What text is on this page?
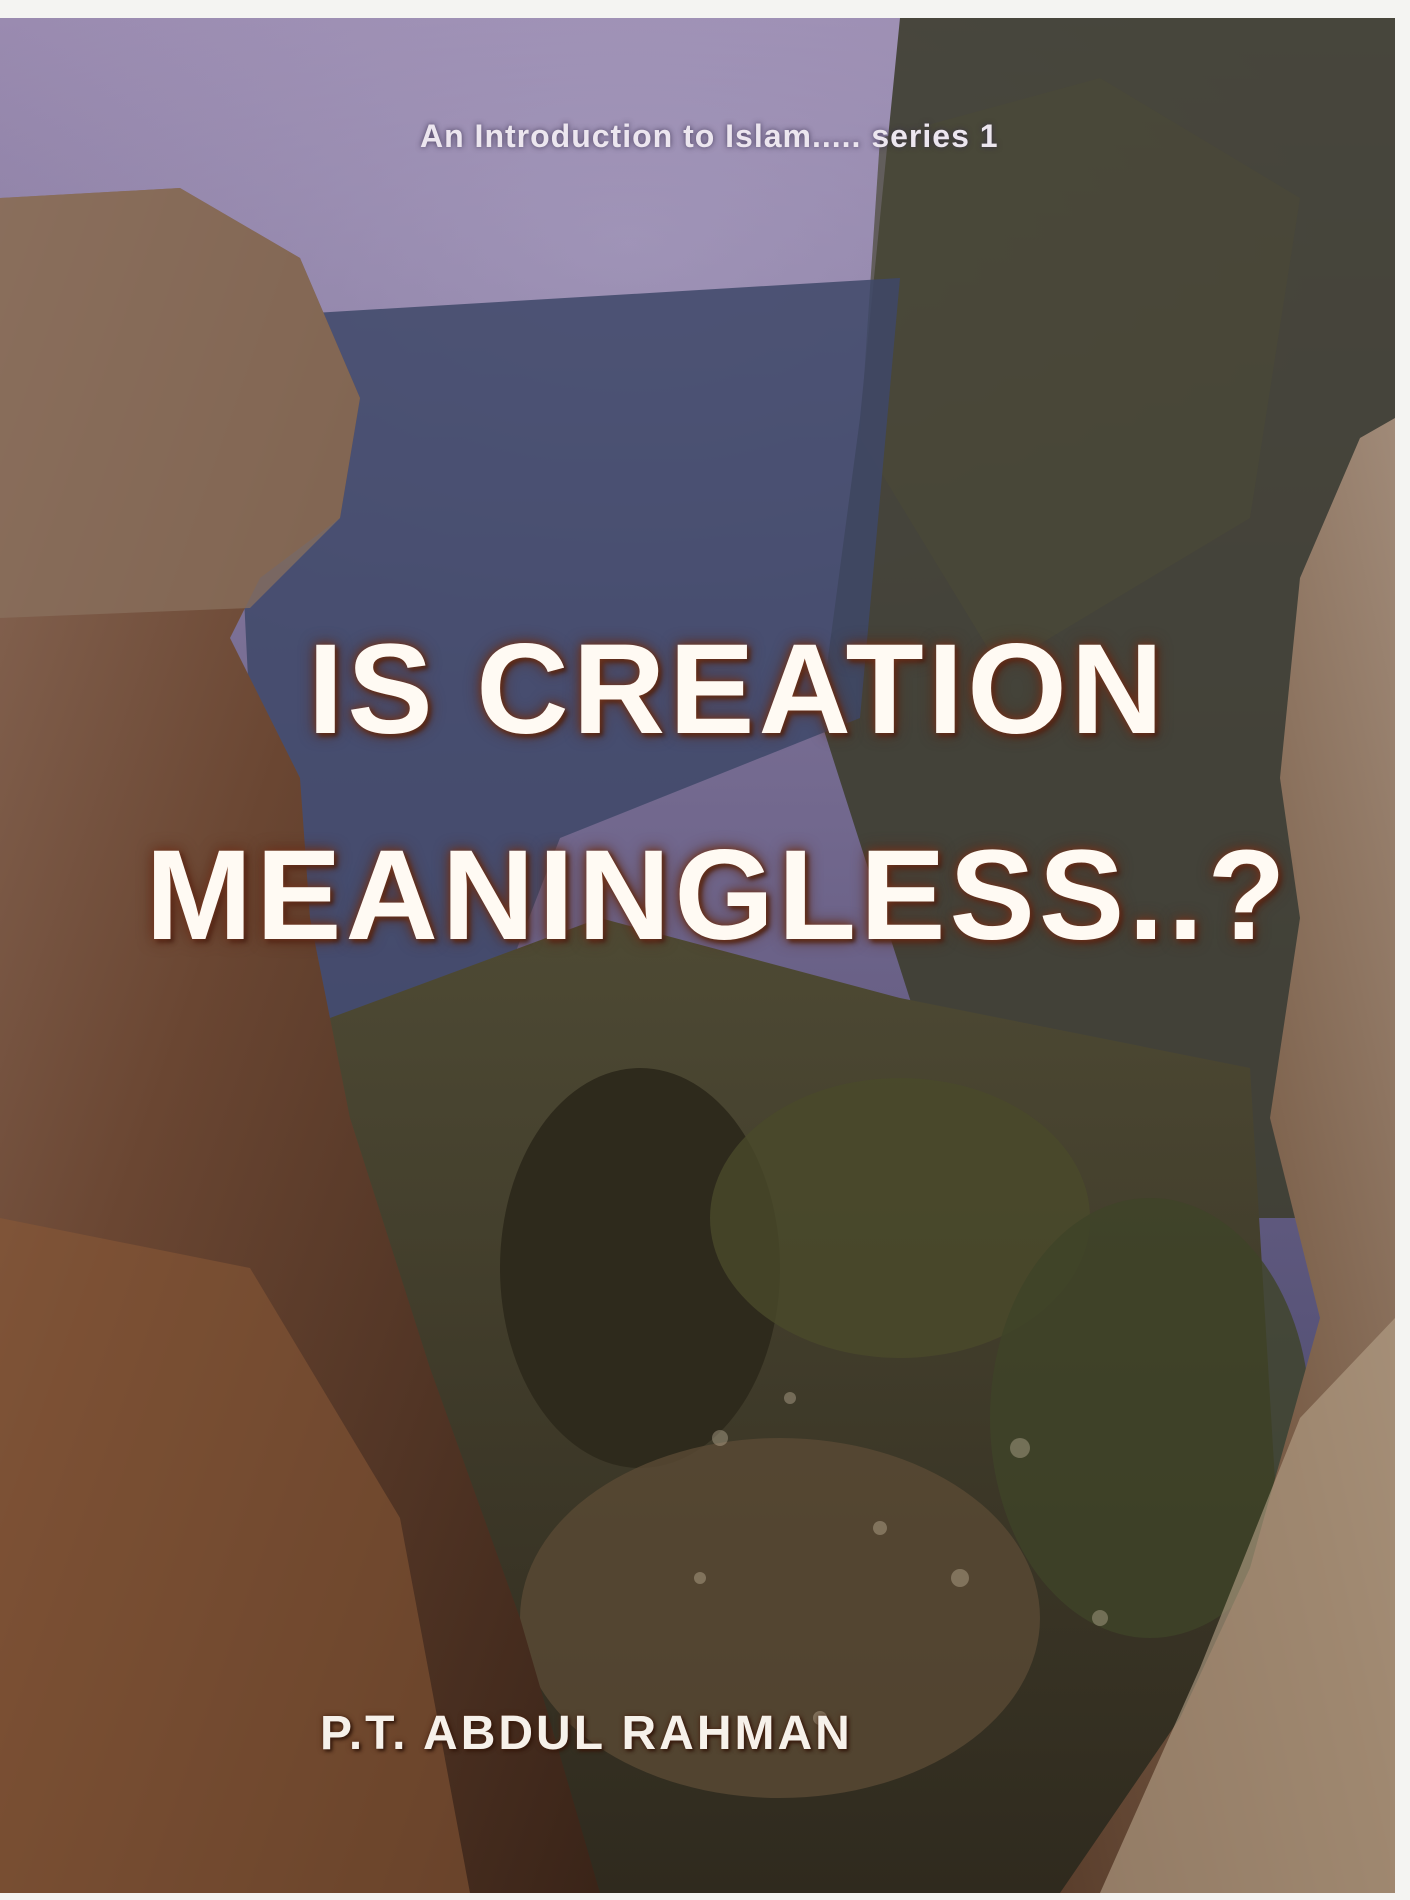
An Introduction to Islam..... series 1
IS CREATION
MEANINGLESS..?
P.T. ABDUL RAHMAN
